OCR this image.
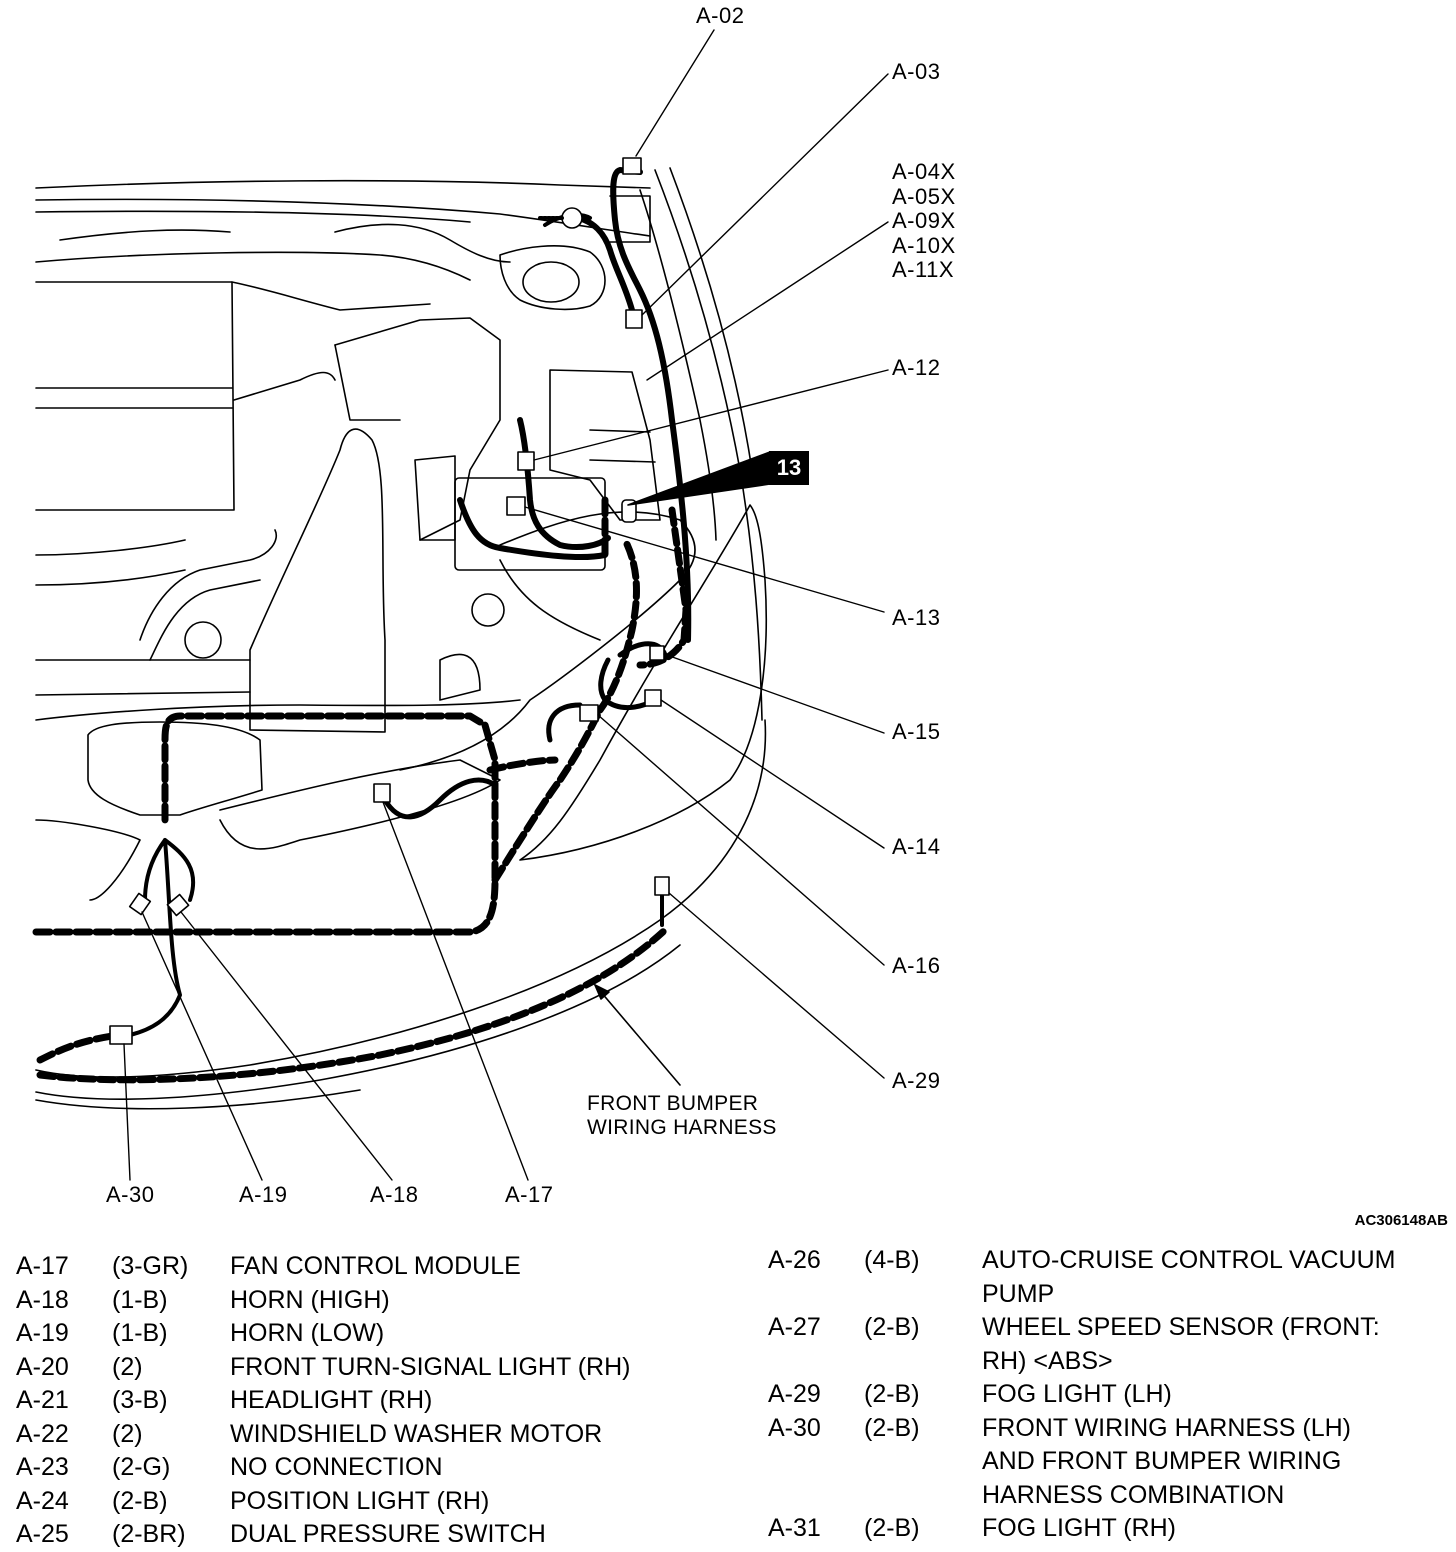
A-02
A-03
A-04X
A-05X
A-09X
A-10X
A-11X
A-12
A-13
A-15
A-14
A-16
A-29
A-30	A-19	A-18	A-17
FRONT BUMPER
WIRING HARNESS
13
AC306148AB
A-17	(3-GR)	FAN CONTROL MODULE
A-18	(1-B)	HORN (HIGH)
A-19	(1-B)	HORN (LOW)
A-20	(2)	FRONT TURN-SIGNAL LIGHT (RH)
A-21	(3-B)	HEADLIGHT (RH)
A-22	(2)	WINDSHIELD WASHER MOTOR
A-23	(2-G)	NO CONNECTION
A-24	(2-B)	POSITION LIGHT (RH)
A-25	(2-BR)	DUAL PRESSURE SWITCH
A-26	(4-B)	AUTO-CRUISE CONTROL VACUUM
PUMP
A-27	(2-B)	WHEEL SPEED SENSOR (FRONT:
RH) <ABS>
A-29	(2-B)	FOG LIGHT (LH)
A-30	(2-B)	FRONT WIRING HARNESS (LH)
AND FRONT BUMPER WIRING
HARNESS COMBINATION

A-31	(2-B)	FOG LIGHT (RH)
